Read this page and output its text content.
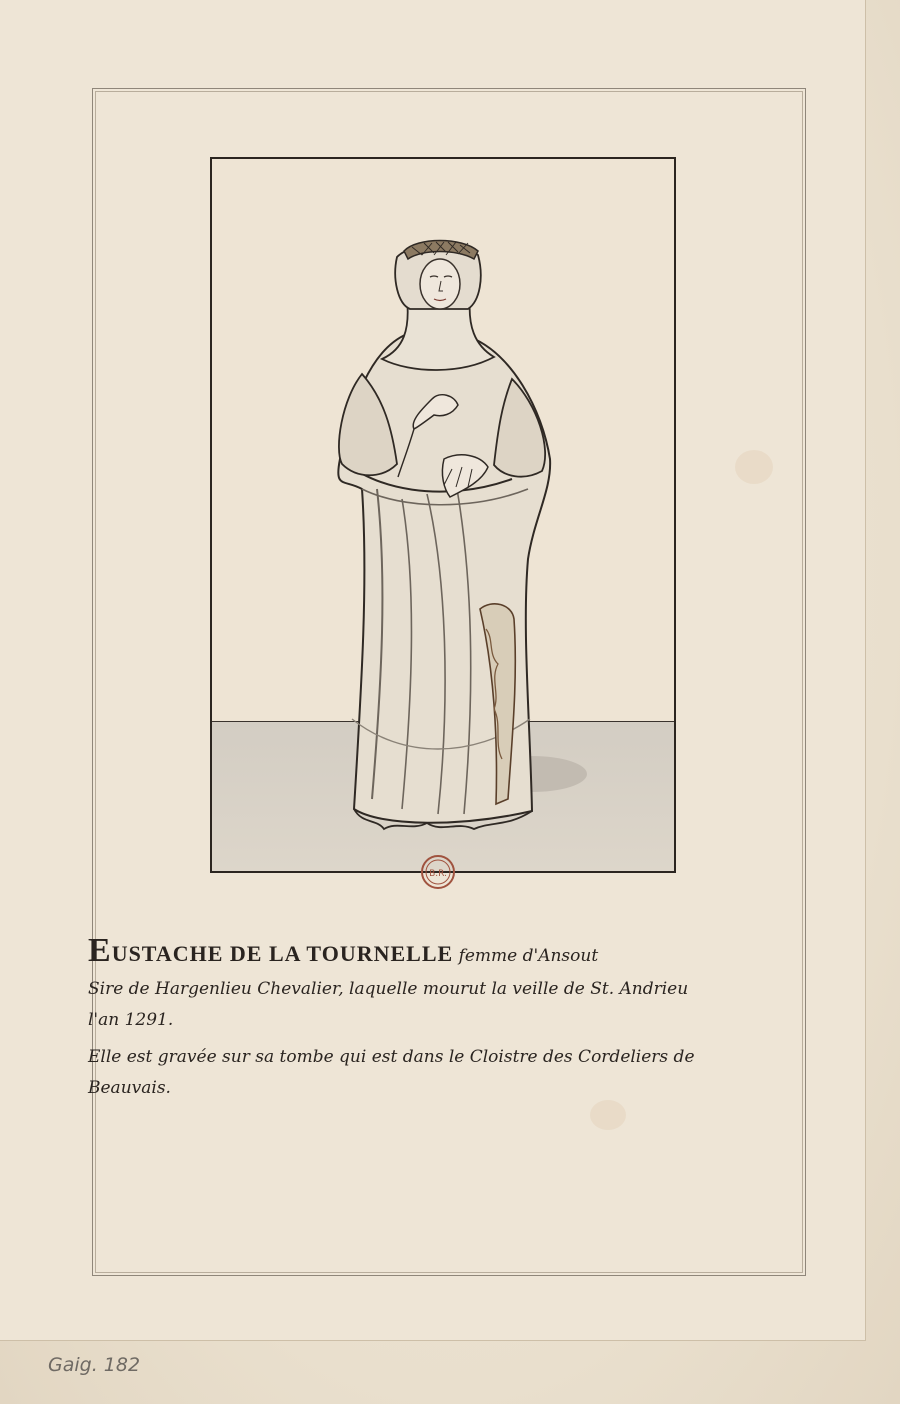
B.R.
EUSTACHE DE LA TOURNELLE femme d'Ansout
Sire de Hargenlieu Chevalier, laquelle mourut la veille de St. Andrieu
l'an 1291.
Elle est gravée sur sa tombe qui est dans le Cloistre des Cordeliers de
Beauvais.
Gaig. 182
